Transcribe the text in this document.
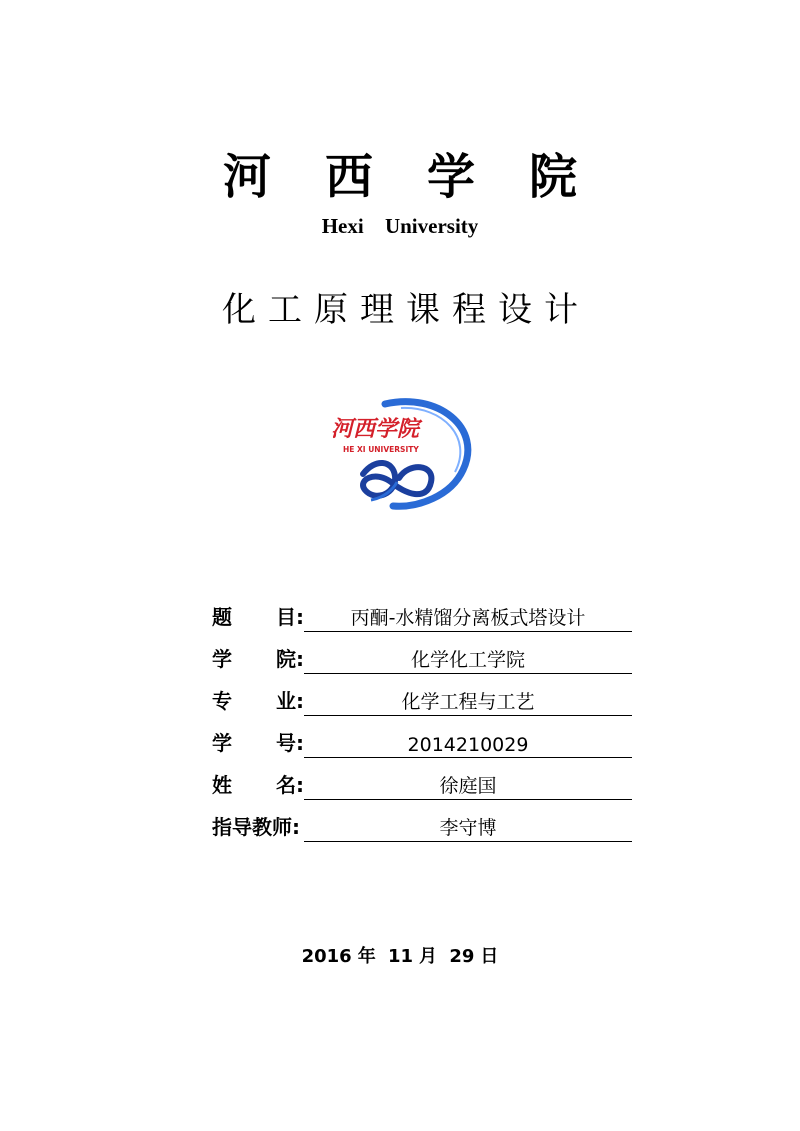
河 西 学 院
Hexi University
化 工 原 理 课 程 设 计
河西学院
HE XI UNIVERSITY
题 目:	丙酮-水精馏分离板式塔设计
学 院:	化学化工学院
专 业:	化学工程与工艺
学 号:	2014210029
姓 名:	徐庭国
指导教师:	李守博
2016 年 11 月 29 日
